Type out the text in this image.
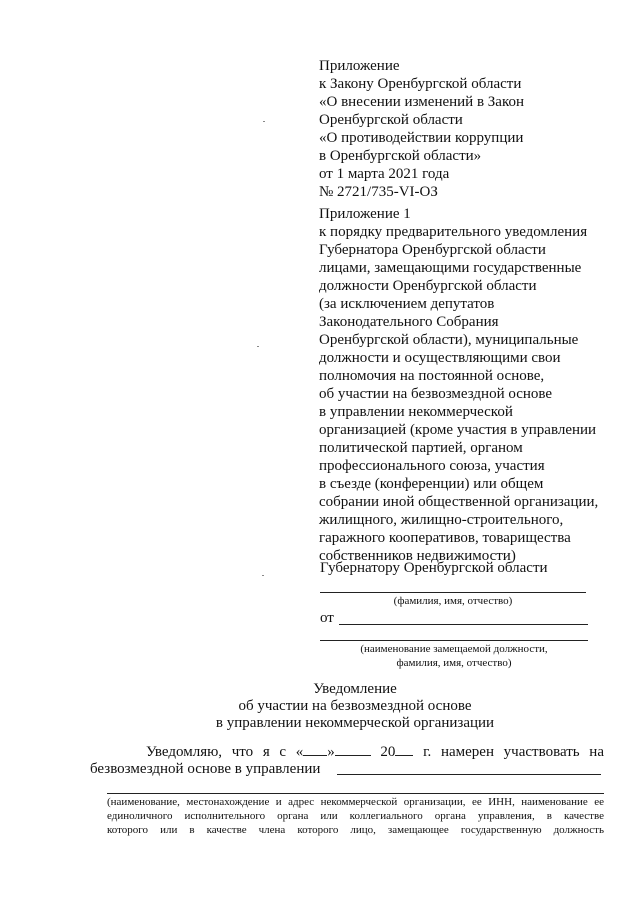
Приложение
к Закону Оренбургской области
«О внесении изменений в Закон
Оренбургской области
«О противодействии коррупции
в Оренбургской области»
от 1 марта 2021 года
№ 2721/735-VI-ОЗ
Приложение 1
к порядку предварительного уведомления
Губернатора Оренбургской области
лицами, замещающими государственные
должности Оренбургской области
(за исключением депутатов
Законодательного Собрания
Оренбургской области), муниципальные
должности и осуществляющими свои
полномочия на постоянной основе,
об участии на безвозмездной основе
в управлении некоммерческой
организацией (кроме участия в управлении
политической партией, органом
профессионального союза, участия
в съезде (конференции) или общем
собрании иной общественной организации,
жилищного, жилищно-строительного,
гаражного кооперативов, товарищества
собственников недвижимости)
Губернатору Оренбургской области
(фамилия, имя, отчество)
от
(наименование замещаемой должности,
фамилия, имя, отчество)
Уведомление
об участии на безвозмездной основе
в управлении некоммерческой организации
Уведомляю, что я с « »	20	г. намерен участвовать на
безвозмездной основе в управлении
(наименование, местонахождение и адрес некоммерческой организации, ее ИНН, наименование ее
единоличного исполнительного органа или коллегиального органа управления, в качестве
которого или в качестве члена которого лицо, замещающее государственную должность
